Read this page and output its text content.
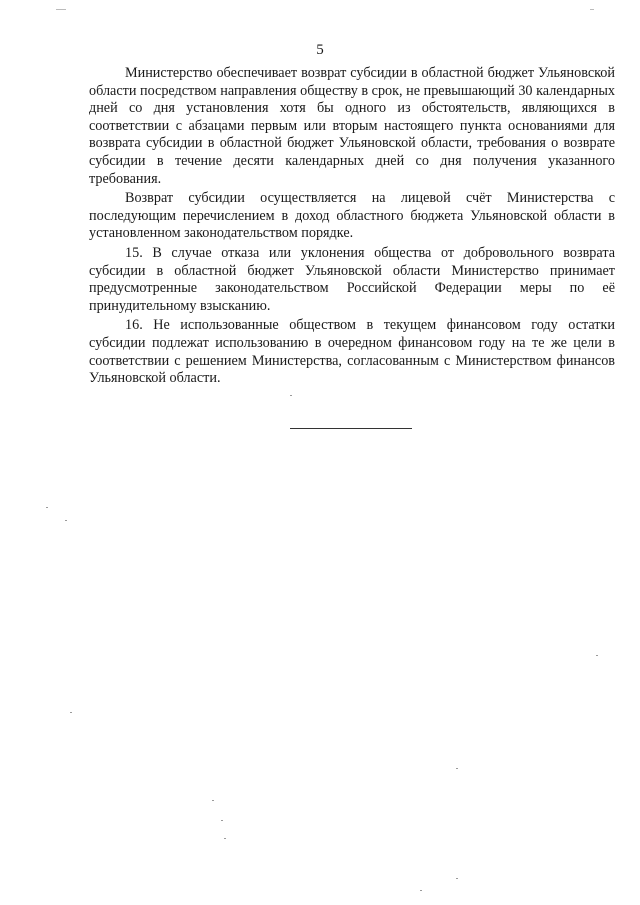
5

Министерство обеспечивает возврат субсидии в областной бюджет Ульяновской области посредством направления обществу в срок, не превышающий 30 календарных дней со дня установления хотя бы одного из обстоятельств, являющихся в соответствии с абзацами первым или вторым настоящего пункта основаниями для возврата субсидии в областной бюджет Ульяновской области, требования о возврате субсидии в течение десяти календарных дней со дня получения указанного требования.

Возврат субсидии осуществляется на лицевой счёт Министерства с последующим перечислением в доход областного бюджета Ульяновской области в установленном законодательством порядке.

15. В случае отказа или уклонения общества от добровольного возврата субсидии в областной бюджет Ульяновской области Министерство принимает предусмотренные законодательством Российской Федерации меры по её принудительному взысканию.

16. Не использованные обществом в текущем финансовом году остатки субсидии подлежат использованию в очередном финансовом году на те же цели в соответствии с решением Министерства, согласованным с Министерством финансов Ульяновской области.
